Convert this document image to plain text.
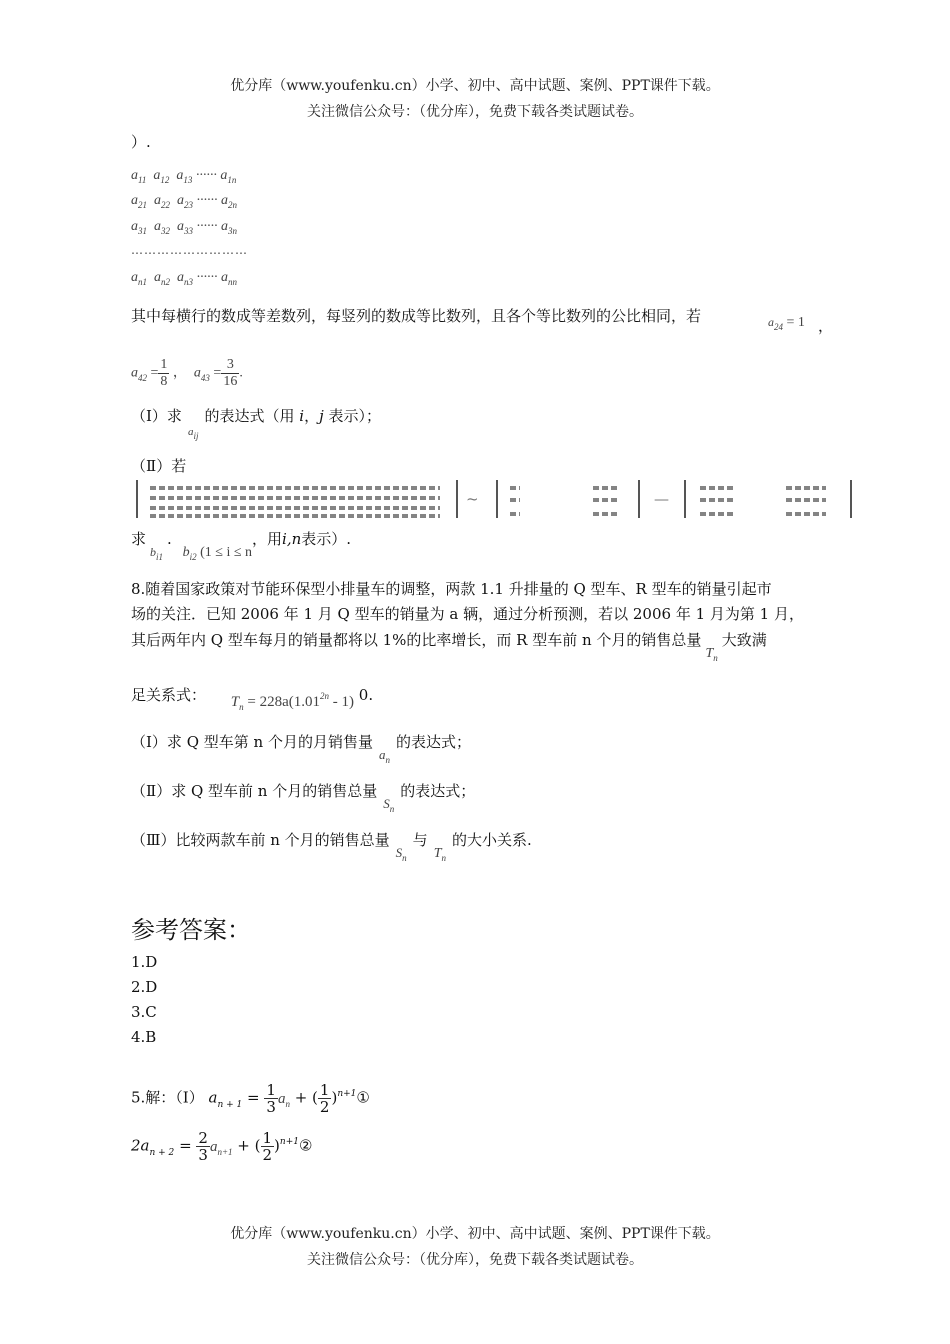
优分库（www.youfenku.cn）小学、初中、高中试题、案例、PPT课件下载。
关注微信公众号：（优分库），免费下载各类试题试卷。
）.
$a_{11}$  $a_{12}$  $a_{13}$ ······ $a_{1n}$
$a_{21}$  $a_{22}$  $a_{23}$ ······ $a_{2n}$
$a_{31}$  $a_{32}$  $a_{33}$ ······ $a_{3n}$
………………………
$a_{n1}$  $a_{n2}$  $a_{n3}$ ······ $a_{nn}$
其中每横行的数成等差数列，每竖列的数成等比数列，且各个等比数列的公比相同，若	$a_{24} = 1$ ，
$a_{42} = \frac{1}{8}$ ，  $a_{43} = \frac{3}{16}$ .
（Ⅰ）求$_{a_{ij}}$的表达式（用 i，j 表示）；
（Ⅱ）若
~	—
求$_{b_{i1}}$. $b_{i2}$ (1 ≤ i ≤ n，用i,n表示）.
8.随着国家政策对节能环保型小排量车的调整，两款 1.1 升排量的 Q 型车、R 型车的销量引起市
场的关注．已知 2006 年 1 月 Q 型车的销量为 a 辆，通过分析预测，若以 2006 年 1 月为第 1 月，
其后两年内 Q 型车每月的销量都将以 1%的比率增长，而 R 型车前 n 个月的销售总量$T_n$大致满
足关系式： $T_n = 228a(1.01^{2n} - 1)$ 0.
（Ⅰ）求 Q 型车第 n 个月的月销售量$a_n$的表达式；
（Ⅱ）求 Q 型车前 n 个月的销售总量$S_n$的表达式；
（Ⅲ）比较两款车前 n 个月的销售总量$S_n$与$T_n$的大小关系.
参考答案：
1.D
2.D
3.C
4.B
5.解：（Ⅰ） $a_{n + 1} = \frac{1}{3} a_n$ + ( $\frac{1}{2}$ )$^{n+1}$①
$2a_{n + 2} = \frac{2}{3} a_{n+1}$ + ( $\frac{1}{2}$ )$^{n+1}$②
优分库（www.youfenku.cn）小学、初中、高中试题、案例、PPT课件下载。
关注微信公众号：（优分库），免费下载各类试题试卷。
